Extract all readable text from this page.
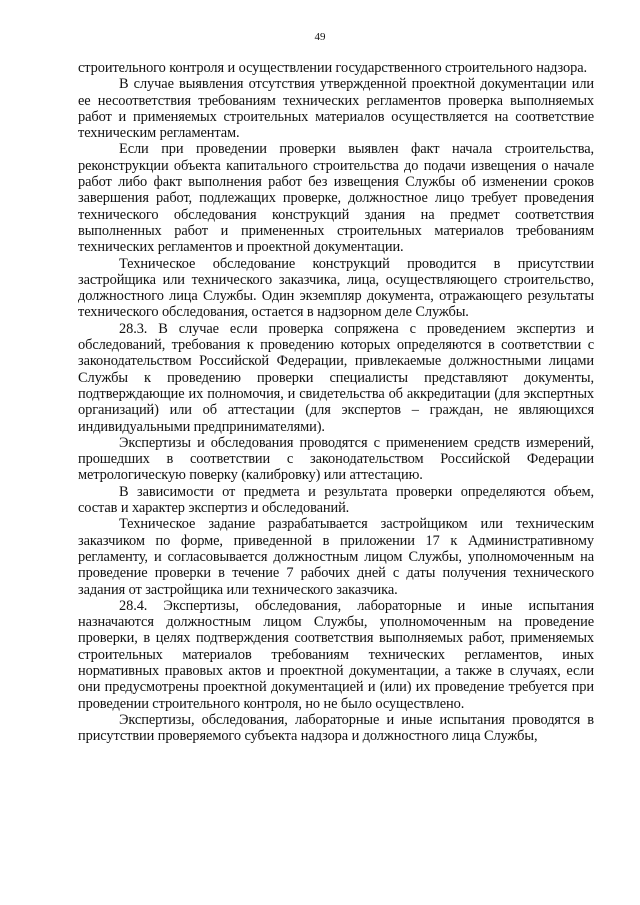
49

строительного контроля и осуществлении государственного строительного надзора.

В случае выявления отсутствия утвержденной проектной документации или ее несоответствия требованиям технических регламентов проверка выполняемых работ и применяемых строительных материалов осуществляется на соответствие техническим регламентам.

Если при проведении проверки выявлен факт начала строительства, реконструкции объекта капитального строительства до подачи извещения о начале работ либо факт выполнения работ без извещения Службы об изменении сроков завершения работ, подлежащих проверке, должностное лицо требует проведения технического обследования конструкций здания на предмет соответствия выполненных работ и примененных строительных материалов требованиям технических регламентов и проектной документации.

Техническое обследование конструкций проводится в присутствии застройщика или технического заказчика, лица, осуществляющего строительство, должностного лица Службы. Один экземпляр документа, отражающего результаты технического обследования, остается в надзорном деле Службы.

28.3. В случае если проверка сопряжена с проведением экспертиз и обследований, требования к проведению которых определяются в соответствии с законодательством Российской Федерации, привлекаемые должностными лицами Службы к проведению проверки специалисты представляют документы, подтверждающие их полномочия, и свидетельства об аккредитации (для экспертных организаций) или об аттестации (для экспертов – граждан, не являющихся индивидуальными предпринимателями).

Экспертизы и обследования проводятся с применением средств измерений, прошедших в соответствии с законодательством Российской Федерации метрологическую поверку (калибровку) или аттестацию.

В зависимости от предмета и результата проверки определяются объем, состав и характер экспертиз и обследований.

Техническое задание разрабатывается застройщиком или техническим заказчиком по форме, приведенной в приложении 17 к Административному регламенту, и согласовывается должностным лицом Службы, уполномоченным на проведение проверки в течение 7 рабочих дней с даты получения технического задания от застройщика или технического заказчика.

28.4. Экспертизы, обследования, лабораторные и иные испытания назначаются должностным лицом Службы, уполномоченным на проведение проверки, в целях подтверждения соответствия выполняемых работ, применяемых строительных материалов требованиям технических регламентов, иных нормативных правовых актов и проектной документации, а также в случаях, если они предусмотрены проектной документацией и (или) их проведение требуется при проведении строительного контроля, но не было осуществлено.

Экспертизы, обследования, лабораторные и иные испытания проводятся в присутствии проверяемого субъекта надзора и должностного лица Службы,
